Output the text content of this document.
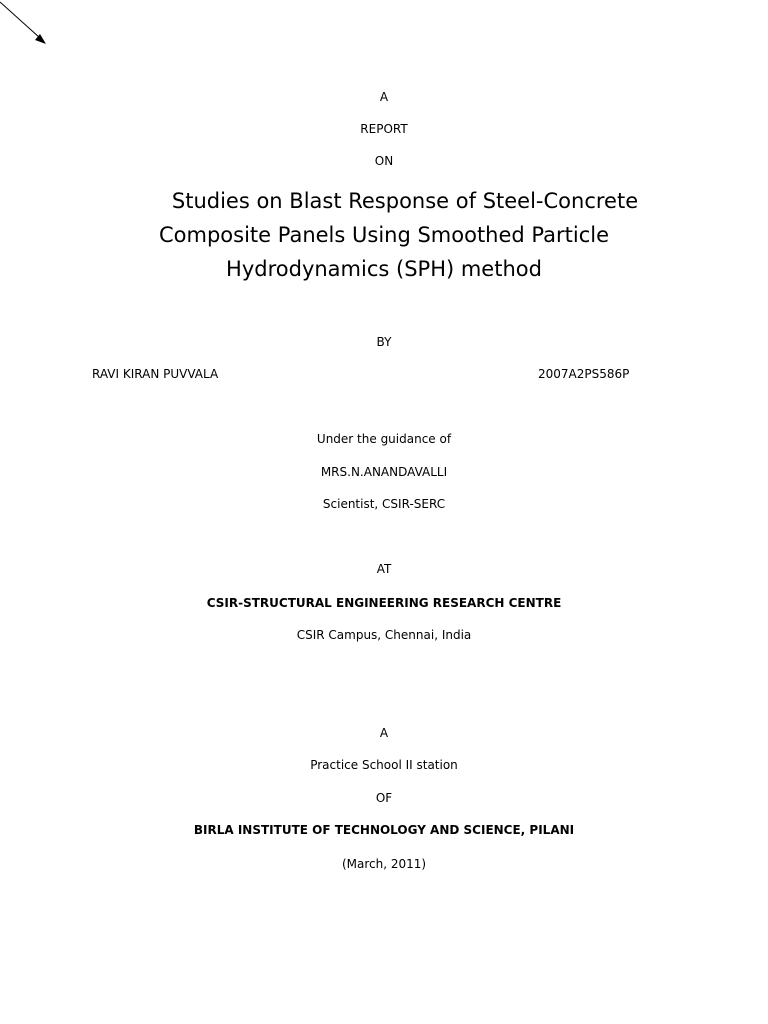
A
REPORT
ON
Studies on Blast Response of Steel-Concrete
Composite Panels Using Smoothed Particle
Hydrodynamics (SPH) method
BY
RAVI KIRAN PUVVALA	2007A2PS586P
Under the guidance of
MRS.N.ANANDAVALLI
Scientist, CSIR-SERC
AT
CSIR-STRUCTURAL ENGINEERING RESEARCH CENTRE
CSIR Campus, Chennai, India
A
Practice School II station
OF
BIRLA INSTITUTE OF TECHNOLOGY AND SCIENCE, PILANI
(March, 2011)
